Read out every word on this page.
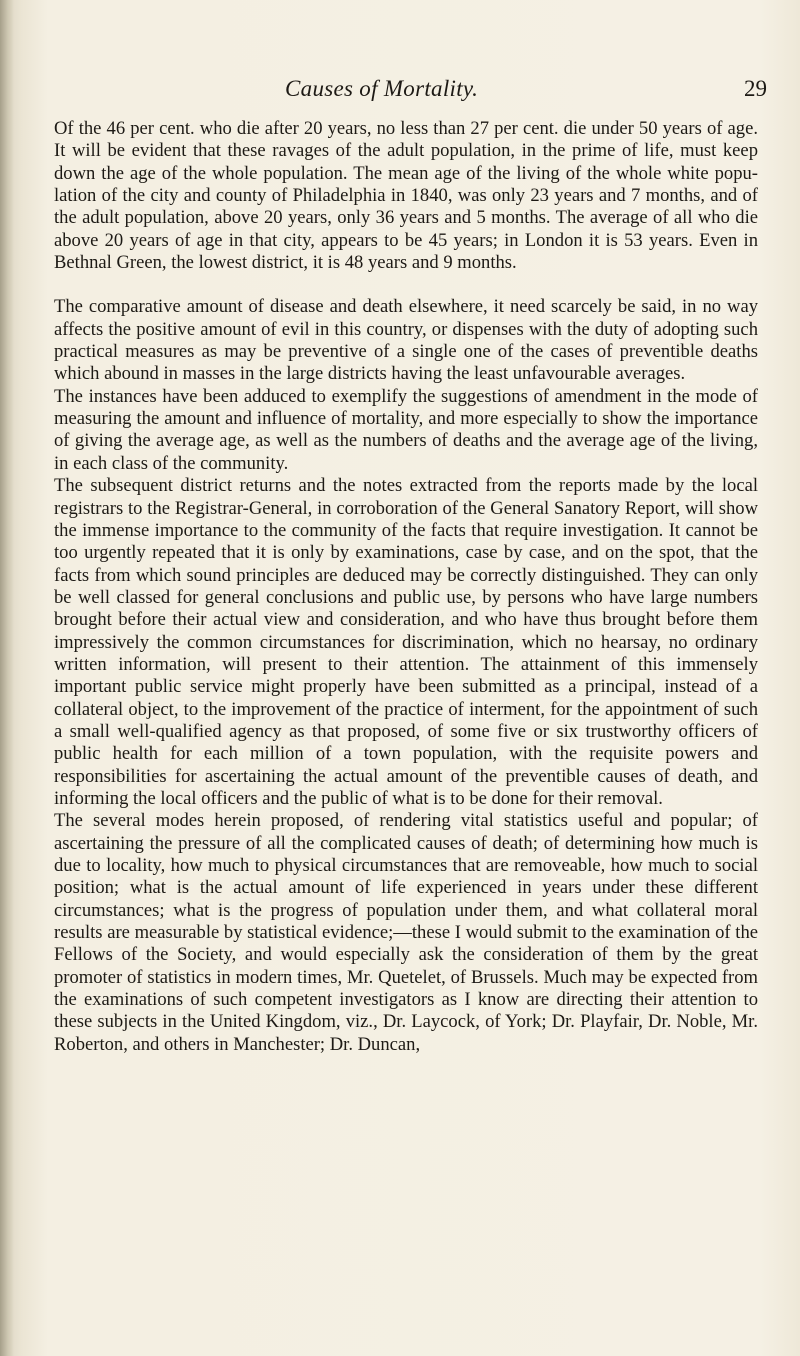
Causes of Mortality.	29

Of the 46 per cent. who die after 20 years, no less than 27 per cent. die under 50 years of age. It will be evident that these ravages of the adult population, in the prime of life, must keep down the age of the whole population. The mean age of the living of the whole white population of the city and county of Philadelphia in 1840, was only 23 years and 7 months, and of the adult population, above 20 years, only 36 years and 5 months. The average of all who die above 20 years of age in that city, appears to be 45 years; in London it is 53 years. Even in Bethnal Green, the lowest district, it is 48 years and 9 months.

The comparative amount of disease and death elsewhere, it need scarcely be said, in no way affects the positive amount of evil in this country, or dispenses with the duty of adopting such practical measures as may be preventive of a single one of the cases of preventible deaths which abound in masses in the large districts having the least unfavourable averages.

The instances have been adduced to exemplify the suggestions of amendment in the mode of measuring the amount and influence of mortality, and more especially to show the importance of giving the average age, as well as the numbers of deaths and the average age of the living, in each class of the community.

The subsequent district returns and the notes extracted from the reports made by the local registrars to the Registrar-General, in corroboration of the General Sanatory Report, will show the immense importance to the community of the facts that require investigation. It cannot be too urgently repeated that it is only by examinations, case by case, and on the spot, that the facts from which sound principles are deduced may be correctly distinguished. They can only be well classed for general conclusions and public use, by persons who have large numbers brought before their actual view and consideration, and who have thus brought before them impressively the common circumstances for discrimination, which no hearsay, no ordinary written information, will present to their attention. The attainment of this immensely important public service might properly have been submitted as a principal, instead of a collateral object, to the improvement of the practice of interment, for the appointment of such a small well-qualified agency as that proposed, of some five or six trustworthy officers of public health for each million of a town population, with the requisite powers and responsibilities for ascertaining the actual amount of the preventible causes of death, and informing the local officers and the public of what is to be done for their removal.

The several modes herein proposed, of rendering vital statistics useful and popular; of ascertaining the pressure of all the complicated causes of death; of determining how much is due to locality, how much to physical circumstances that are removeable, how much to social position; what is the actual amount of life experienced in years under these different circumstances; what is the progress of population under them, and what collateral moral results are measurable by statistical evidence;—these I would submit to the examination of the Fellows of the Society, and would especially ask the consideration of them by the great promoter of statistics in modern times, Mr. Quetelet, of Brussels. Much may be expected from the examinations of such competent investigators as I know are directing their attention to these subjects in the United Kingdom, viz., Dr. Laycock, of York; Dr. Playfair, Dr. Noble, Mr. Roberton, and others in Manchester; Dr. Duncan,
